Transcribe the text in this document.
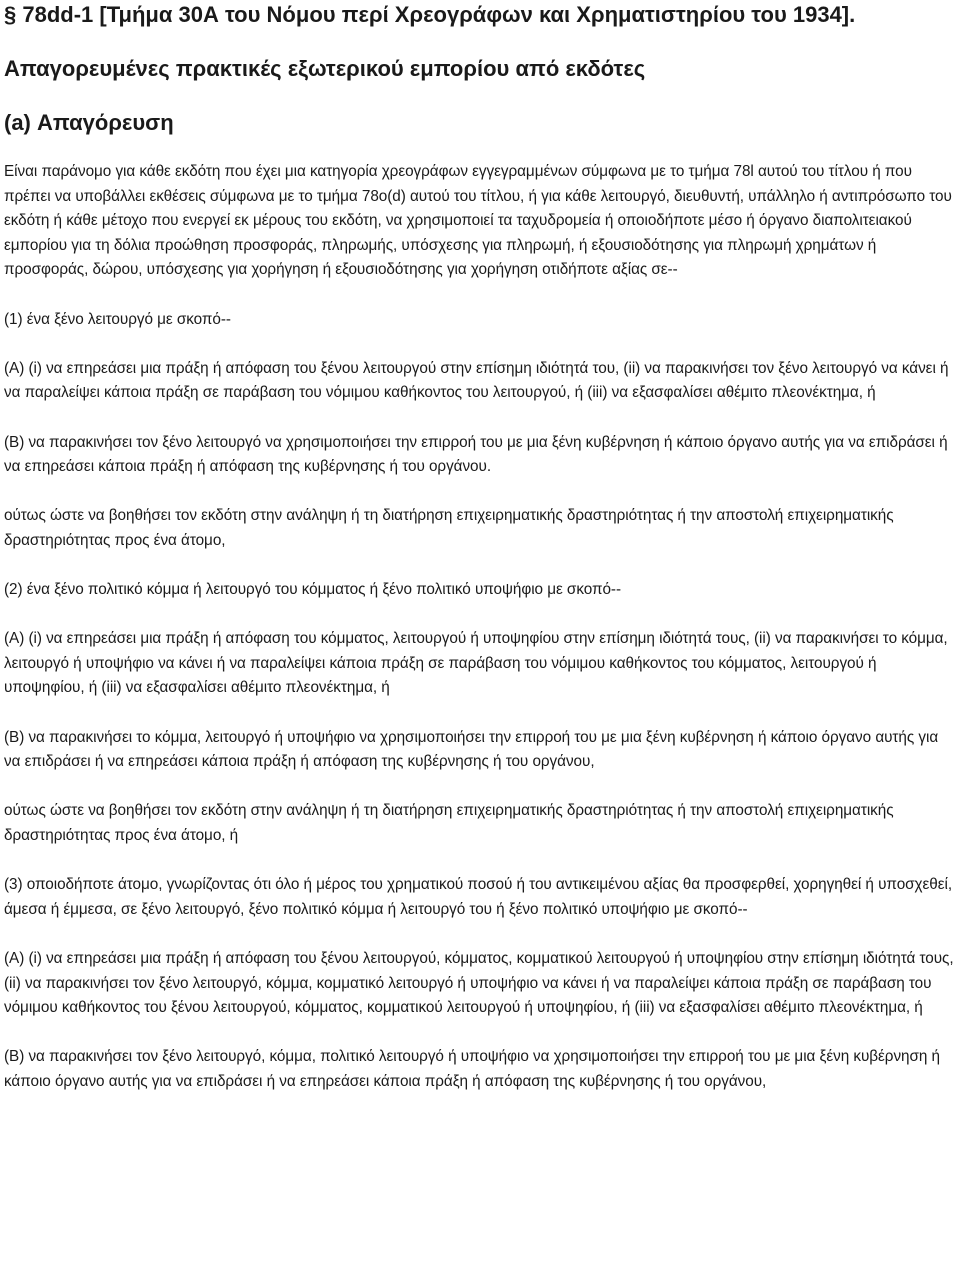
§ 78dd-1 [Τμήμα 30Α του Νόμου περί Χρεογράφων και Χρηματιστηρίου του 1934].
Απαγορευμένες πρακτικές εξωτερικού εμπορίου από εκδότες
(a) Απαγόρευση

Είναι παράνομο για κάθε εκδότη που έχει μια κατηγορία χρεογράφων εγγεγραμμένων σύμφωνα με το τμήμα 78l αυτού του τίτλου ή που πρέπει να υποβάλλει εκθέσεις σύμφωνα με το τμήμα 78o(d) αυτού του τίτλου, ή για κάθε λειτουργό, διευθυντή, υπάλληλο ή αντιπρόσωπο του εκδότη ή κάθε μέτοχο που ενεργεί εκ μέρους του εκδότη, να χρησιμοποιεί τα ταχυδρομεία ή οποιοδήποτε μέσο ή όργανο διαπολιτειακού εμπορίου για τη δόλια προώθηση προσφοράς, πληρωμής, υπόσχεσης για πληρωμή, ή εξουσιοδότησης για πληρωμή χρημάτων ή προσφοράς, δώρου, υπόσχεσης για χορήγηση ή εξουσιοδότησης για χορήγηση οτιδήποτε αξίας σε--

(1) ένα ξένο λειτουργό με σκοπό--

(A) (i) να επηρεάσει μια πράξη ή απόφαση του ξένου λειτουργού στην επίσημη ιδιότητά του, (ii) να παρακινήσει τον ξένο λειτουργό να κάνει ή να παραλείψει κάποια πράξη σε παράβαση του νόμιμου καθήκοντος του λειτουργού, ή (iii) να εξασφαλίσει αθέμιτο πλεονέκτημα, ή

(B) να παρακινήσει τον ξένο λειτουργό να χρησιμοποιήσει την επιρροή του με μια ξένη κυβέρνηση ή κάποιο όργανο αυτής για να επιδράσει ή να επηρεάσει κάποια πράξη ή απόφαση της κυβέρνησης ή του οργάνου.

ούτως ώστε να βοηθήσει τον εκδότη στην ανάληψη ή τη διατήρηση επιχειρηματικής δραστηριότητας ή την αποστολή επιχειρηματικής δραστηριότητας προς ένα άτομο,

(2) ένα ξένο πολιτικό κόμμα ή λειτουργό του κόμματος ή ξένο πολιτικό υποψήφιο με σκοπό--

(A) (i) να επηρεάσει μια πράξη ή απόφαση του κόμματος, λειτουργού ή υποψηφίου στην επίσημη ιδιότητά τους, (ii) να παρακινήσει το κόμμα, λειτουργό ή υποψήφιο να κάνει ή να παραλείψει κάποια πράξη σε παράβαση του νόμιμου καθήκοντος του κόμματος, λειτουργού ή υποψηφίου, ή (iii) να εξασφαλίσει αθέμιτο πλεονέκτημα, ή

(B) να παρακινήσει το κόμμα, λειτουργό ή υποψήφιο να χρησιμοποιήσει την επιρροή του με μια ξένη κυβέρνηση ή κάποιο όργανο αυτής για να επιδράσει ή να επηρεάσει κάποια πράξη ή απόφαση της κυβέρνησης ή του οργάνου,

ούτως ώστε να βοηθήσει τον εκδότη στην ανάληψη ή τη διατήρηση επιχειρηματικής δραστηριότητας ή την αποστολή επιχειρηματικής δραστηριότητας προς ένα άτομο, ή

(3) οποιοδήποτε άτομο, γνωρίζοντας ότι όλο ή μέρος του χρηματικού ποσού ή του αντικειμένου αξίας θα προσφερθεί, χορηγηθεί ή υποσχεθεί, άμεσα ή έμμεσα, σε ξένο λειτουργό, ξένο πολιτικό κόμμα ή λειτουργό του ή ξένο πολιτικό υποψήφιο με σκοπό--

(A) (i) να επηρεάσει μια πράξη ή απόφαση του ξένου λειτουργού, κόμματος, κομματικού λειτουργού ή υποψηφίου στην επίσημη ιδιότητά τους, (ii) να παρακινήσει τον ξένο λειτουργό, κόμμα, κομματικό λειτουργό ή υποψήφιο να κάνει ή να παραλείψει κάποια πράξη σε παράβαση του νόμιμου καθήκοντος του ξένου λειτουργού, κόμματος, κομματικού λειτουργού ή υποψηφίου, ή (iii) να εξασφαλίσει αθέμιτο πλεονέκτημα, ή

(B) να παρακινήσει τον ξένο λειτουργό, κόμμα, πολιτικό λειτουργό ή υποψήφιο να χρησιμοποιήσει την επιρροή του με μια ξένη κυβέρνηση ή κάποιο όργανο αυτής για να επιδράσει ή να επηρεάσει κάποια πράξη ή απόφαση της κυβέρνησης ή του οργάνου,
